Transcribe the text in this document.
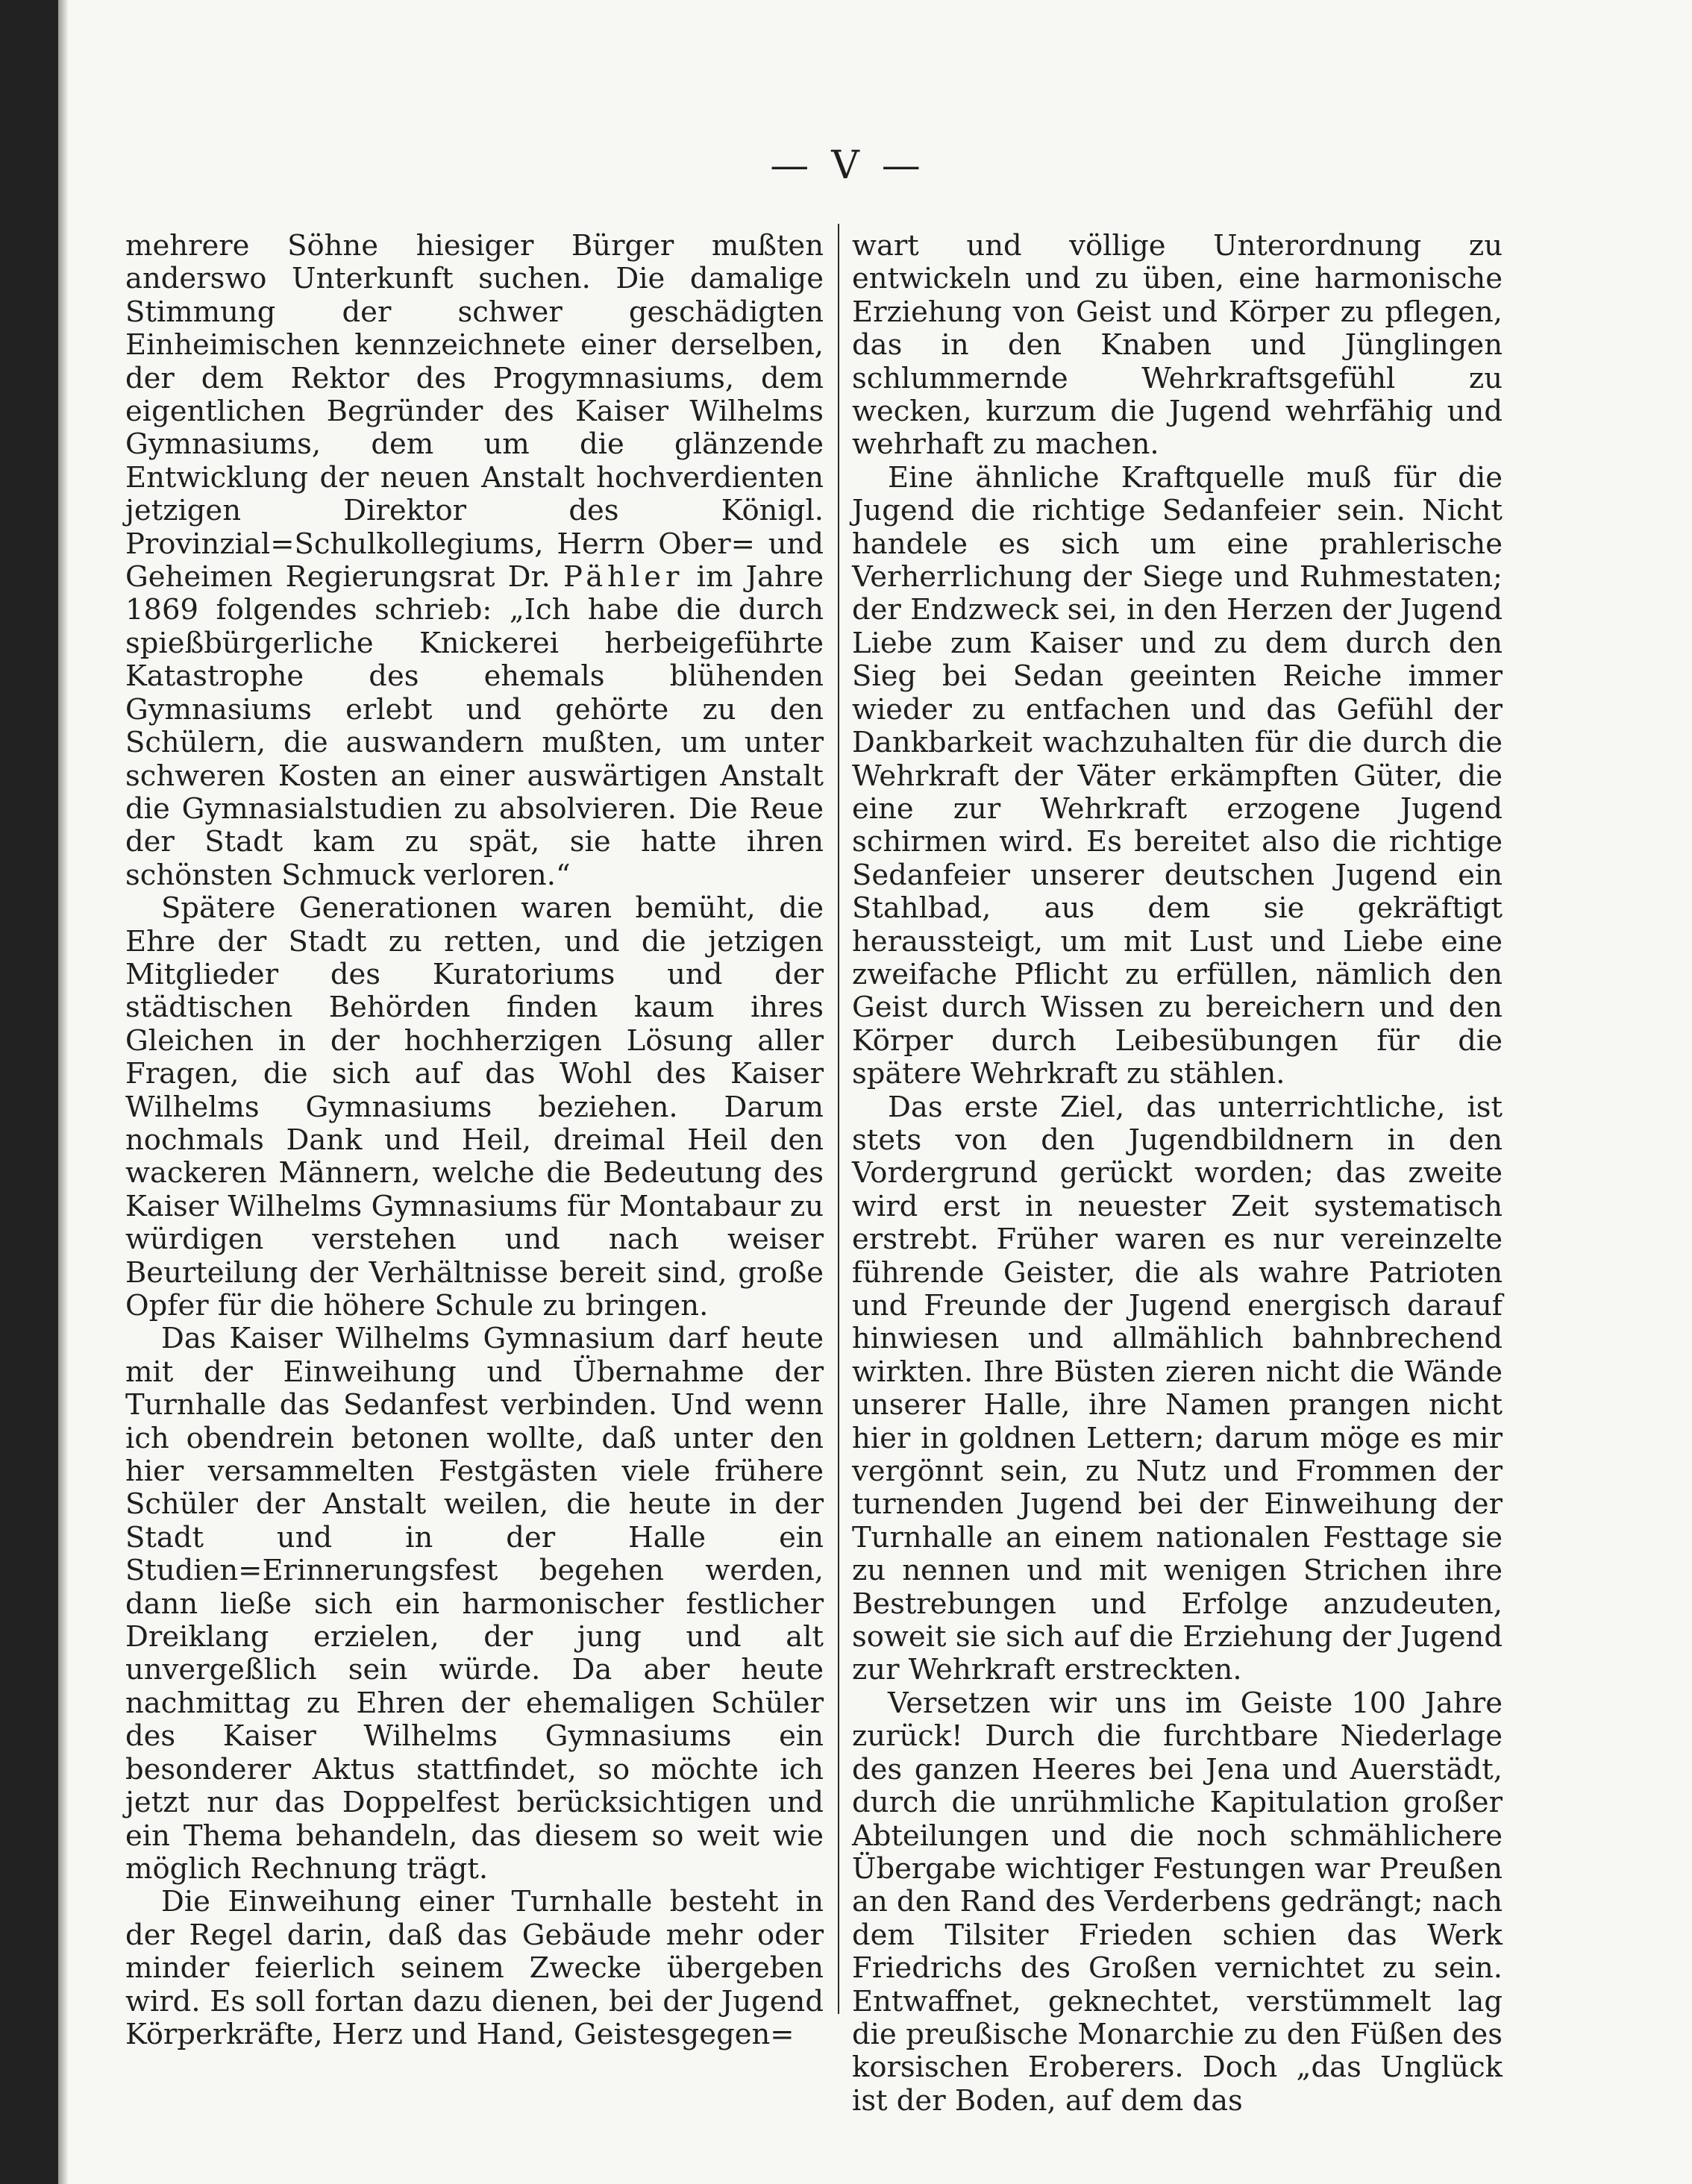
— V —

mehrere Söhne hiesiger Bürger mußten anderswo Unterkunft suchen. Die damalige Stimmung der schwer geschädigten Einheimischen kennzeichnete einer derselben, der dem Rektor des Progymnasiums, dem eigentlichen Begründer des Kaiser Wilhelms Gymnasiums, dem um die glänzende Entwicklung der neuen Anstalt hochverdienten jetzigen Direktor des Königl. Provinzial=Schulkollegiums, Herrn Ober= und Geheimen Regierungsrat Dr. Pähler im Jahre 1869 folgendes schrieb: „Ich habe die durch spießbürgerliche Knickerei herbeigeführte Katastrophe des ehemals blühenden Gymnasiums erlebt und gehörte zu den Schülern, die auswandern mußten, um unter schweren Kosten an einer auswärtigen Anstalt die Gymnasialstudien zu absolvieren. Die Reue der Stadt kam zu spät, sie hatte ihren schönsten Schmuck verloren.“

Spätere Generationen waren bemüht, die Ehre der Stadt zu retten, und die jetzigen Mitglieder des Kuratoriums und der städtischen Behörden finden kaum ihres Gleichen in der hochherzigen Lösung aller Fragen, die sich auf das Wohl des Kaiser Wilhelms Gymnasiums beziehen. Darum nochmals Dank und Heil, dreimal Heil den wackeren Männern, welche die Bedeutung des Kaiser Wilhelms Gymnasiums für Montabaur zu würdigen verstehen und nach weiser Beurteilung der Verhältnisse bereit sind, große Opfer für die höhere Schule zu bringen.

Das Kaiser Wilhelms Gymnasium darf heute mit der Einweihung und Übernahme der Turnhalle das Sedanfest verbinden. Und wenn ich obendrein betonen wollte, daß unter den hier versammelten Festgästen viele frühere Schüler der Anstalt weilen, die heute in der Stadt und in der Halle ein Studien=Erinnerungsfest begehen werden, dann ließe sich ein harmonischer festlicher Dreiklang erzielen, der jung und alt unvergeßlich sein würde. Da aber heute nachmittag zu Ehren der ehemaligen Schüler des Kaiser Wilhelms Gymnasiums ein besonderer Aktus stattfindet, so möchte ich jetzt nur das Doppelfest berücksichtigen und ein Thema behandeln, das diesem so weit wie möglich Rechnung trägt.

Die Einweihung einer Turnhalle besteht in der Regel darin, daß das Gebäude mehr oder minder feierlich seinem Zwecke übergeben wird. Es soll fortan dazu dienen, bei der Jugend Körperkräfte, Herz und Hand, Geistesgegen=

wart und völlige Unterordnung zu entwickeln und zu üben, eine harmonische Erziehung von Geist und Körper zu pflegen, das in den Knaben und Jünglingen schlummernde Wehrkraftsgefühl zu wecken, kurzum die Jugend wehrfähig und wehrhaft zu machen.

Eine ähnliche Kraftquelle muß für die Jugend die richtige Sedanfeier sein. Nicht handele es sich um eine prahlerische Verherrlichung der Siege und Ruhmestaten; der Endzweck sei, in den Herzen der Jugend Liebe zum Kaiser und zu dem durch den Sieg bei Sedan geeinten Reiche immer wieder zu entfachen und das Gefühl der Dankbarkeit wachzuhalten für die durch die Wehrkraft der Väter erkämpften Güter, die eine zur Wehrkraft erzogene Jugend schirmen wird. Es bereitet also die richtige Sedanfeier unserer deutschen Jugend ein Stahlbad, aus dem sie gekräftigt heraussteigt, um mit Lust und Liebe eine zweifache Pflicht zu erfüllen, nämlich den Geist durch Wissen zu bereichern und den Körper durch Leibesübungen für die spätere Wehrkraft zu stählen.

Das erste Ziel, das unterrichtliche, ist stets von den Jugendbildnern in den Vordergrund gerückt worden; das zweite wird erst in neuester Zeit systematisch erstrebt. Früher waren es nur vereinzelte führende Geister, die als wahre Patrioten und Freunde der Jugend energisch darauf hinwiesen und allmählich bahnbrechend wirkten. Ihre Büsten zieren nicht die Wände unserer Halle, ihre Namen prangen nicht hier in goldnen Lettern; darum möge es mir vergönnt sein, zu Nutz und Frommen der turnenden Jugend bei der Einweihung der Turnhalle an einem nationalen Festtage sie zu nennen und mit wenigen Strichen ihre Bestrebungen und Erfolge anzudeuten, soweit sie sich auf die Erziehung der Jugend zur Wehrkraft erstreckten.

Versetzen wir uns im Geiste 100 Jahre zurück! Durch die furchtbare Niederlage des ganzen Heeres bei Jena und Auerstädt, durch die unrühmliche Kapitulation großer Abteilungen und die noch schmählichere Übergabe wichtiger Festungen war Preußen an den Rand des Verderbens gedrängt; nach dem Tilsiter Frieden schien das Werk Friedrichs des Großen vernichtet zu sein. Entwaffnet, geknechtet, verstümmelt lag die preußische Monarchie zu den Füßen des korsischen Eroberers. Doch „das Unglück ist der Boden, auf dem das
